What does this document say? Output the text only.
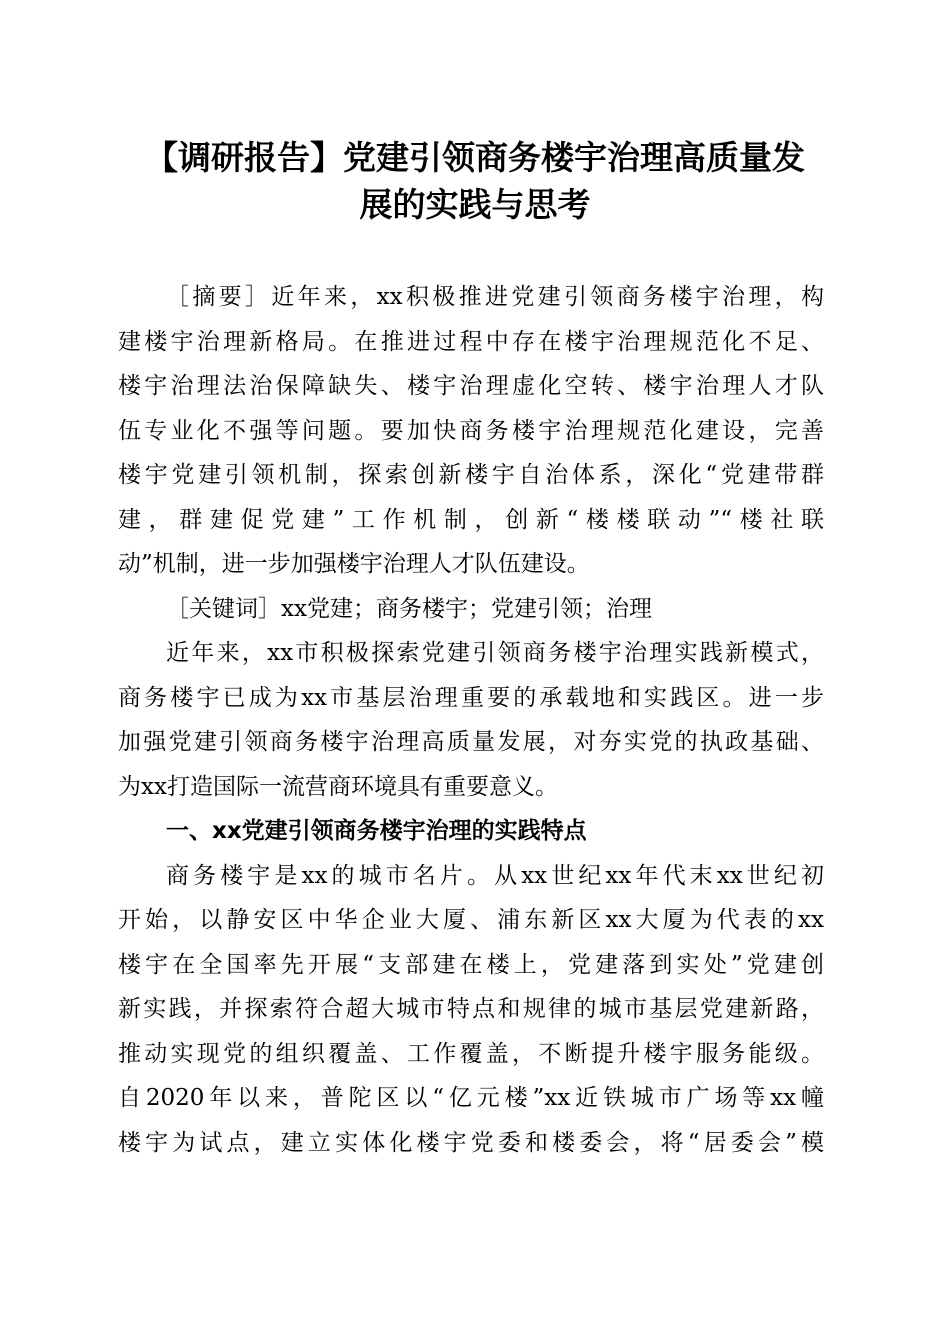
【调研报告】党建引领商务楼宇治理高质量发
展的实践与思考
［摘要］近年来，xx积极推进党建引领商务楼宇治理，构
建楼宇治理新格局。在推进过程中存在楼宇治理规范化不足、
楼宇治理法治保障缺失、楼宇治理虚化空转、楼宇治理人才队
伍专业化不强等问题。要加快商务楼宇治理规范化建设，完善
楼宇党建引领机制，探索创新楼宇自治体系，深化“党建带群
建，群建促党建”工作机制，创新“楼楼联动”“楼社联
动”机制，进一步加强楼宇治理人才队伍建设。
［关键词］xx党建；商务楼宇；党建引领；治理
近年来，xx市积极探索党建引领商务楼宇治理实践新模式，
商务楼宇已成为xx市基层治理重要的承载地和实践区。进一步
加强党建引领商务楼宇治理高质量发展，对夯实党的执政基础、
为xx打造国际一流营商环境具有重要意义。
一、xx党建引领商务楼宇治理的实践特点
商务楼宇是xx的城市名片。从xx世纪xx年代末xx世纪初
开始，以静安区中华企业大厦、浦东新区xx大厦为代表的xx
楼宇在全国率先开展“支部建在楼上，党建落到实处”党建创
新实践，并探索符合超大城市特点和规律的城市基层党建新路，
推动实现党的组织覆盖、工作覆盖，不断提升楼宇服务能级。
自2020年以来，普陀区以“亿元楼”xx近铁城市广场等xx幢
楼宇为试点，建立实体化楼宇党委和楼委会，将“居委会”模
